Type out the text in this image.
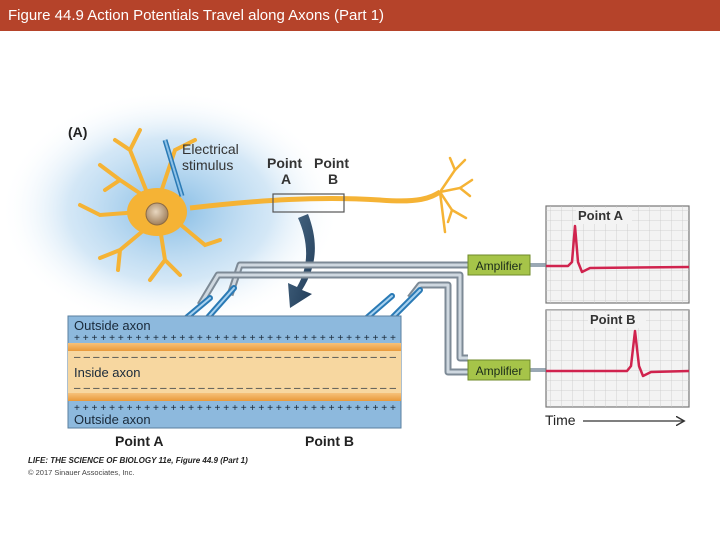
Figure 44.9 Action Potentials Travel along Axons (Part 1)
(A)
Electrical
stimulus Point
A
Point
B
Outside axon
+ + + + + + + + + + + + + + + + + + + + + + + + + + + + + + + + + + + + +
– – – – – – – – – – – – – – – – – – – – – – – – – – – – – – – – – –
Inside axon
– – – – – – – – – – – – – – – – – – – – – – – – – – – – – – – – – –
+ + + + + + + + + + + + + + + + + + + + + + + + + + + + + + + + + + + + +
Outside axon
Point A	Point B
Amplifier
Amplifier
Point A
Point B
Time
LIFE: THE SCIENCE OF BIOLOGY 11e, Figure 44.9 (Part 1)
© 2017 Sinauer Associates, Inc.
